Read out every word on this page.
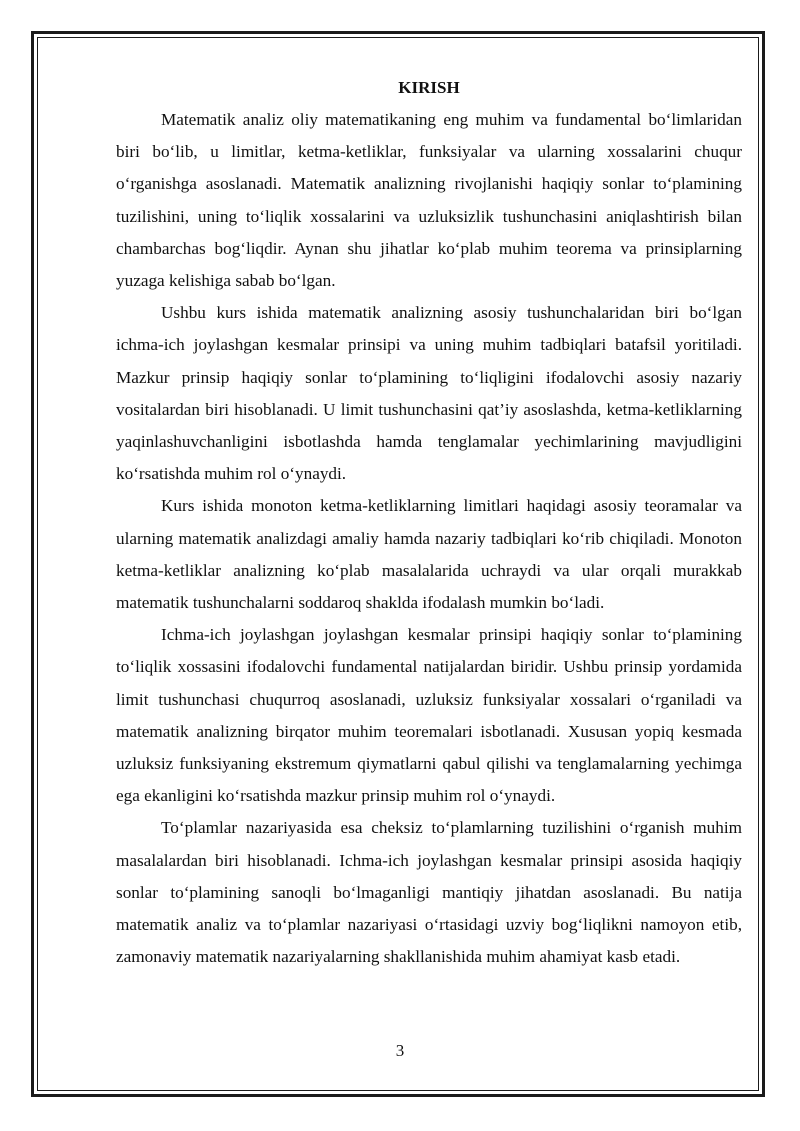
KIRISH

Matematik analiz oliy matematikaning eng muhim va fundamental bo‘limlaridan biri bo‘lib, u limitlar, ketma-ketliklar, funksiyalar va ularning xossalarini chuqur o‘rganishga asoslanadi. Matematik analizning rivojlanishi haqiqiy sonlar to‘plamining tuzilishini, uning to‘liqlik xossalarini va uzluksizlik tushunchasini aniqlashtirish bilan chambarchas bog‘liqdir. Aynan shu jihatlar ko‘plab muhim teorema va prinsiplarning yuzaga kelishiga sabab bo‘lgan.

Ushbu kurs ishida matematik analizning asosiy tushunchalaridan biri bo‘lgan ichma-ich joylashgan kesmalar prinsipi va uning muhim tadbiqlari batafsil yoritiladi. Mazkur prinsip haqiqiy sonlar to‘plamining to‘liqligini ifodalovchi asosiy nazariy vositalardan biri hisoblanadi. U limit tushunchasini qat’iy asoslashda, ketma-ketliklarning yaqinlashuvchanligini isbotlashda hamda tenglamalar yechimlarining mavjudligini ko‘rsatishda muhim rol o‘ynaydi.

Kurs ishida monoton ketma-ketliklarning limitlari haqidagi asosiy teoramalar va ularning matematik analizdagi amaliy hamda nazariy tadbiqlari ko‘rib chiqiladi. Monoton ketma-ketliklar analizning ko‘plab masalalarida uchraydi va ular orqali murakkab matematik tushunchalarni soddaroq shaklda ifodalash mumkin bo‘ladi.

Ichma-ich joylashgan joylashgan kesmalar prinsipi haqiqiy sonlar to‘plamining to‘liqlik xossasini ifodalovchi fundamental natijalardan biridir. Ushbu prinsip yordamida limit tushunchasi chuqurroq asoslanadi, uzluksiz funksiyalar xossalari o‘rganiladi va matematik analizning birqator muhim teoremalari isbotlanadi. Xususan yopiq kesmada uzluksiz funksiyaning ekstremum qiymatlarni qabul qilishi va tenglamalarning yechimga ega ekanligini ko‘rsatishda mazkur prinsip muhim rol o‘ynaydi.

To‘plamlar nazariyasida esa cheksiz to‘plamlarning tuzilishini o‘rganish muhim masalalardan biri hisoblanadi. Ichma-ich joylashgan kesmalar prinsipi asosida haqiqiy sonlar to‘plamining sanoqli bo‘lmaganligi mantiqiy jihatdan asoslanadi. Bu natija matematik analiz va to‘plamlar nazariyasi o‘rtasidagi uzviy bog‘liqlikni namoyon etib, zamonaviy matematik nazariyalarning shakllanishida muhim ahamiyat kasb etadi.

3
